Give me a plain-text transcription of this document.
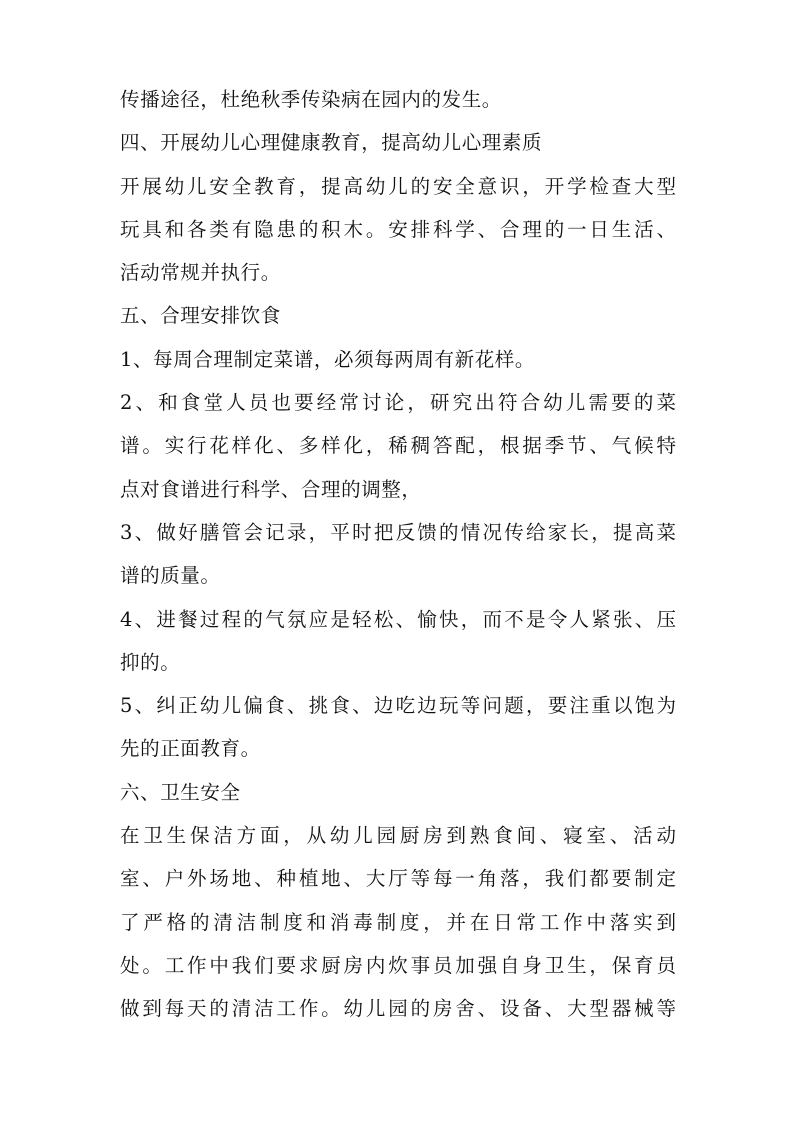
传播途径，杜绝秋季传染病在园内的发生。
四、开展幼儿心理健康教育，提高幼儿心理素质
开展幼儿安全教育，提高幼儿的安全意识，开学检查大型
玩具和各类有隐患的积木。安排科学、合理的一日生活、
活动常规并执行。
五、合理安排饮食
1、每周合理制定菜谱，必须每两周有新花样。
2、和食堂人员也要经常讨论，研究出符合幼儿需要的菜
谱。实行花样化、多样化，稀稠答配，根据季节、气候特
点对食谱进行科学、合理的调整，
3、做好膳管会记录，平时把反馈的情况传给家长，提高菜
谱的质量。
4、进餐过程的气氛应是轻松、愉快，而不是令人紧张、压
抑的。
5、纠正幼儿偏食、挑食、边吃边玩等问题，要注重以饱为
先的正面教育。
六、卫生安全
在卫生保洁方面，从幼儿园厨房到熟食间、寝室、活动
室、户外场地、种植地、大厅等每一角落，我们都要制定
了严格的清洁制度和消毒制度，并在日常工作中落实到
处。工作中我们要求厨房内炊事员加强自身卫生，保育员
做到每天的清洁工作。幼儿园的房舍、设备、大型器械等
